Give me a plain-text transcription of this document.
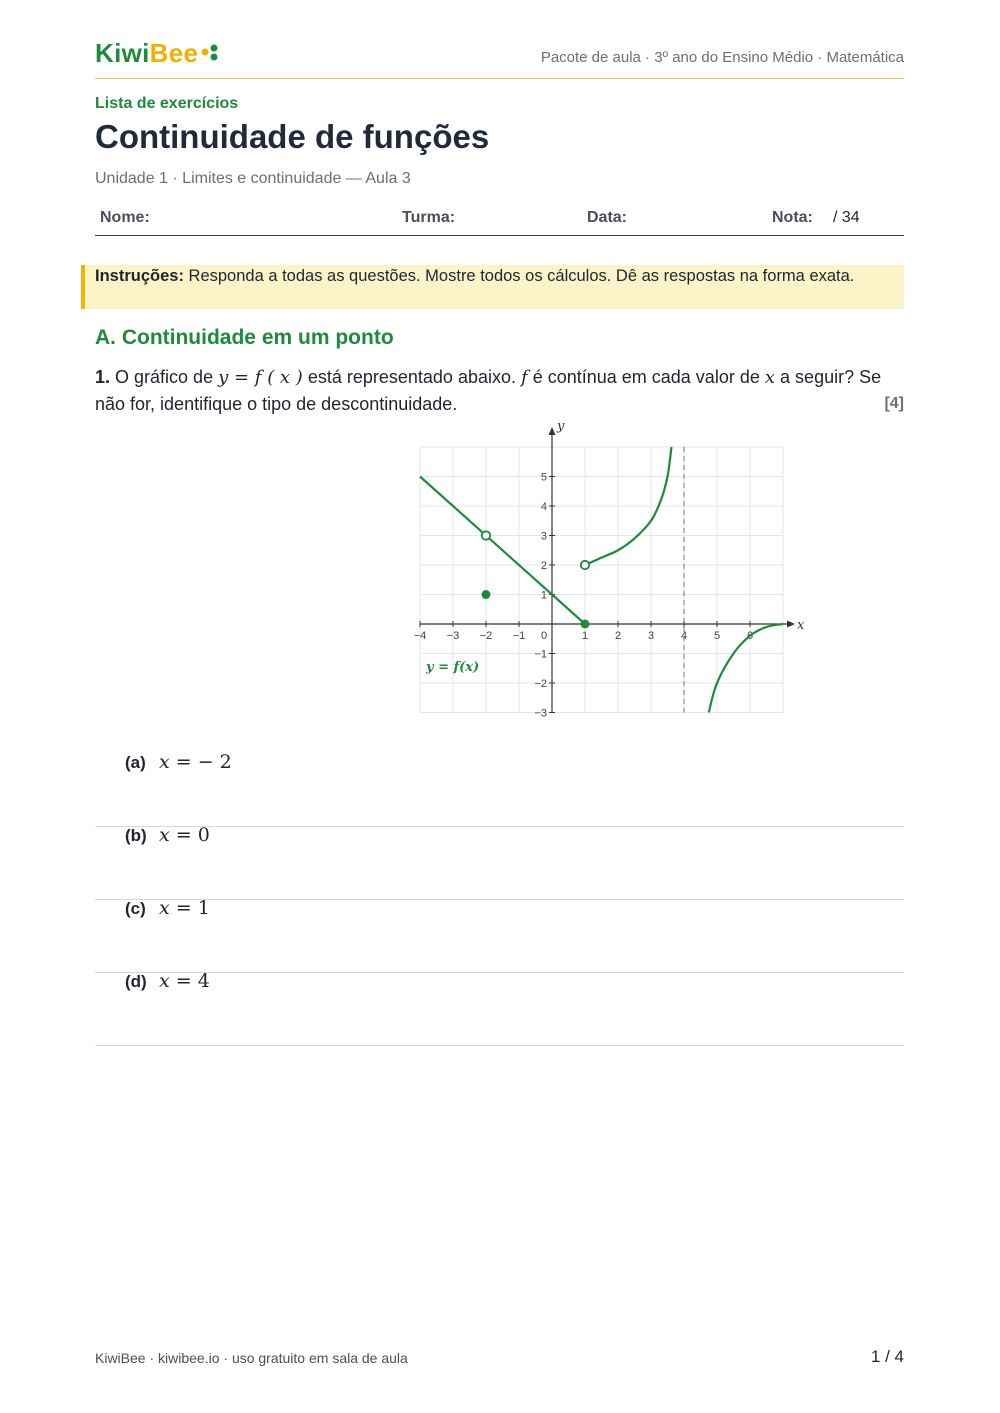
KiwiBee	Pacote de aula · 3º ano do Ensino Médio · Matemática
Lista de exercícios
Continuidade de funções
Unidade 1 · Limites e continuidade — Aula 3
Nome:	Turma:	Data:	Nota: / 34
Instruções: Responda a todas as questões. Mostre todos os cálculos. Dê as respostas na forma exata.
A. Continuidade em um ponto
1. O gráfico de y = f ( x ) está representado abaixo. f é contínua em cada valor de x a seguir? Se não for, identifique o tipo de descontinuidade.	[4]
x
y
−4 −3 −2 −1 0	1 2 3 4 5 6
−3
−2
−1
1
2
3
4
5
y = f(x)
(a) x = − 2
(b) x = 0
(c) x = 1
(d) x = 4
KiwiBee · kiwibee.io · uso gratuito em sala de aula	1 / 4
